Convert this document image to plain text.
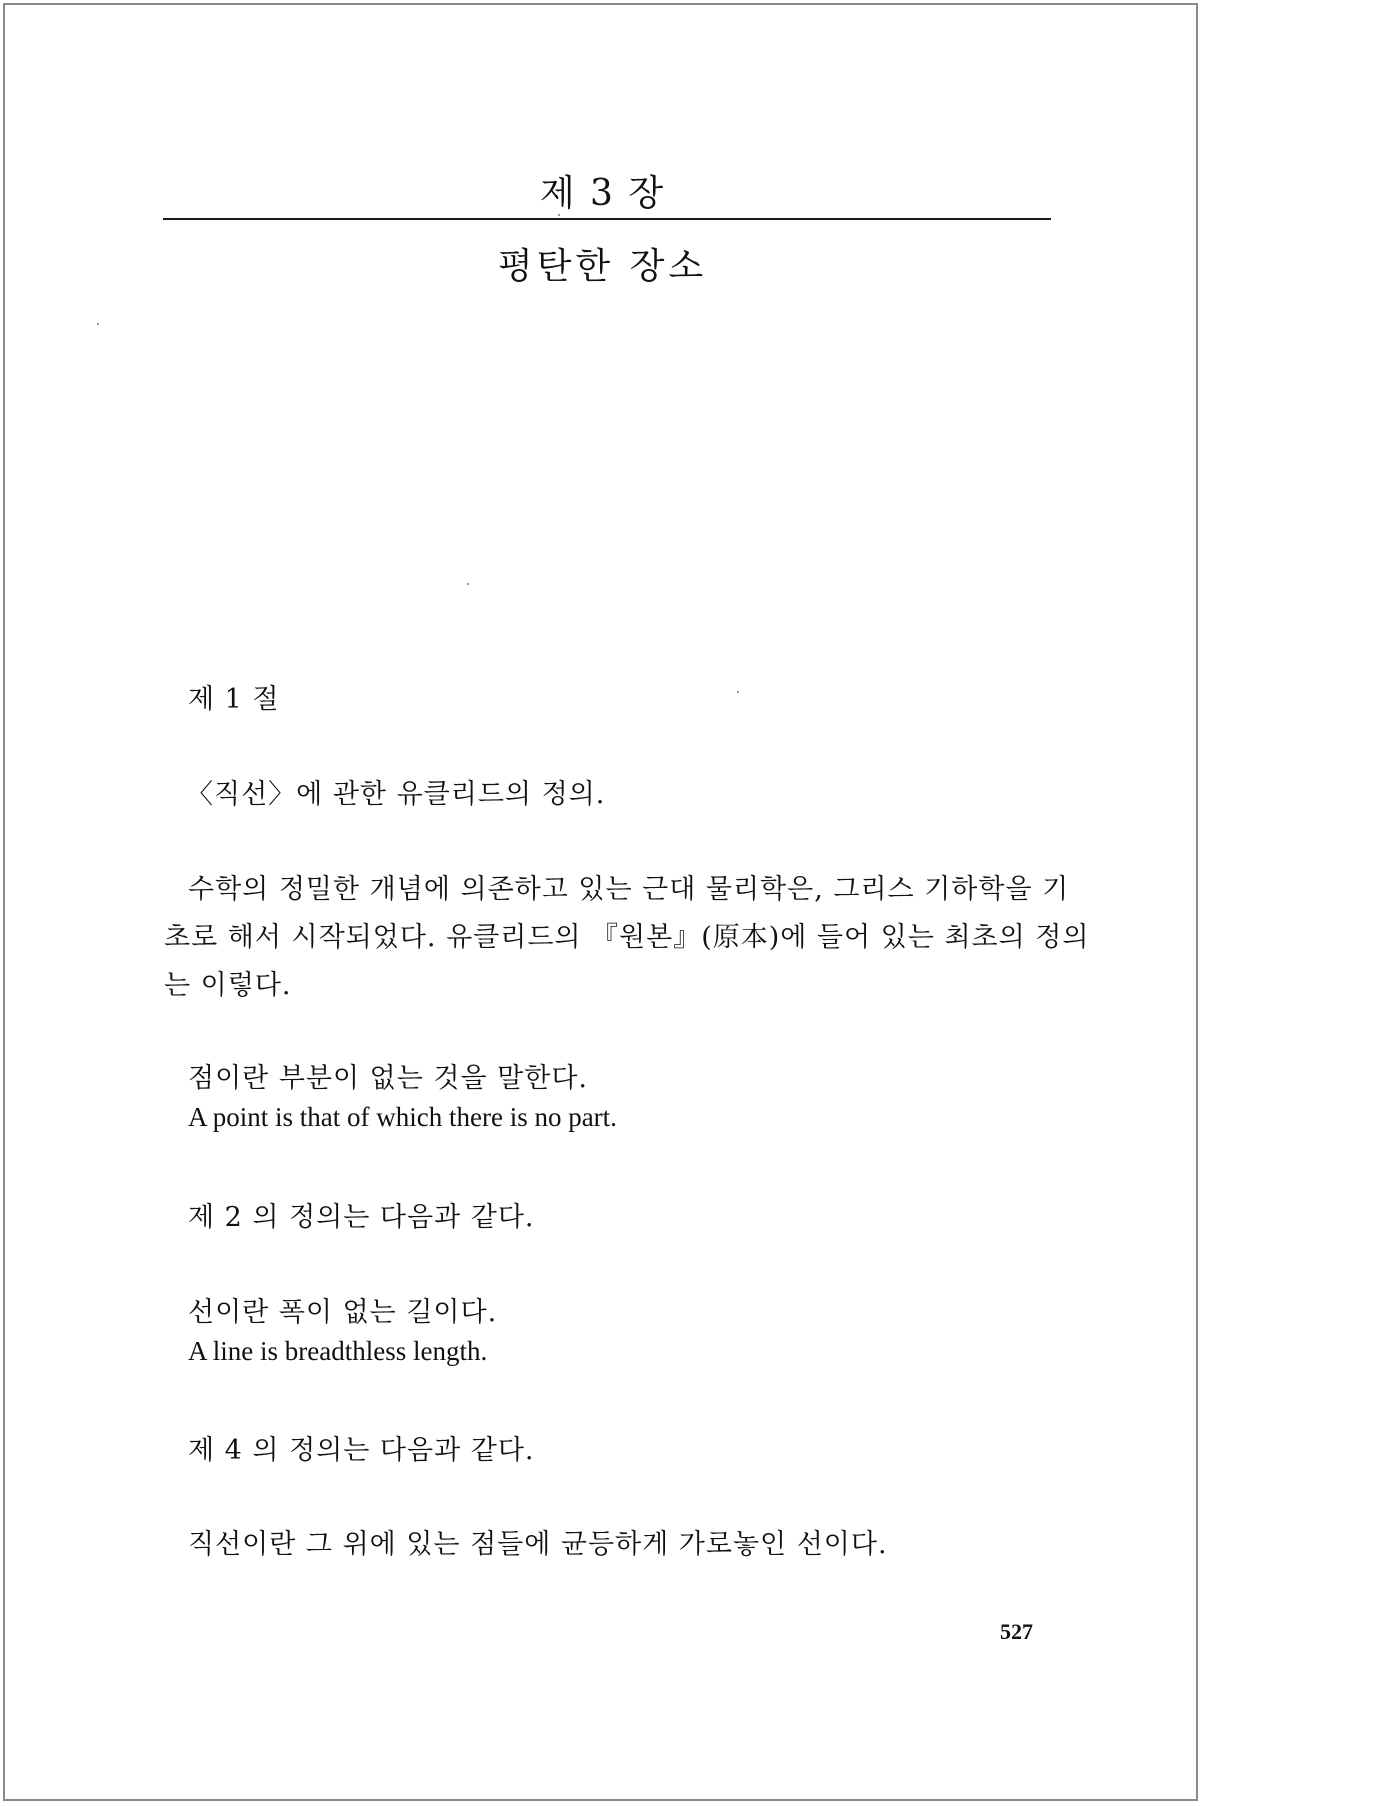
제 3 장
평탄한 장소
제 1 절
〈직선〉에 관한 유클리드의 정의.
수학의 정밀한 개념에 의존하고 있는 근대 물리학은, 그리스 기하학을 기
초로 해서 시작되었다. 유클리드의 『원본』(原本)에 들어 있는 최초의 정의
는 이렇다.
점이란 부분이 없는 것을 말한다.
A point is that of which there is no part.
제 2 의 정의는 다음과 같다.
선이란 폭이 없는 길이다.
A line is breadthless length.
제 4 의 정의는 다음과 같다.
직선이란 그 위에 있는 점들에 균등하게 가로놓인 선이다.
527
